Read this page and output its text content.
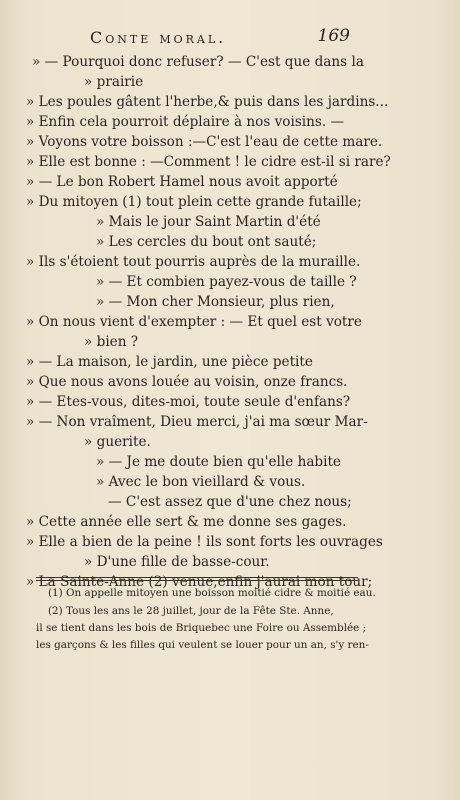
Conte moral.	169
» — Pourquoi donc refuser? — C'est que dans la
» prairie
» Les poules gâtent l'herbe,& puis dans les jardins...
» Enfin cela pourroit déplaire à nos voisins. —
» Voyons votre boisson :—C'est l'eau de cette mare.
» Elle est bonne : —Comment ! le cidre est-il si rare?
» — Le bon Robert Hamel nous avoit apporté
» Du mitoyen (1) tout plein cette grande futaille;
» Mais le jour Saint Martin d'été
» Les cercles du bout ont sauté;
» Ils s'étoient tout pourris auprès de la muraille.
» — Et combien payez-vous de taille ?
» — Mon cher Monsieur, plus rien,
» On nous vient d'exempter : — Et quel est votre
» bien ?
» — La maison, le jardin, une pièce petite
» Que nous avons louée au voisin, onze francs.
» — Etes-vous, dites-moi, toute seule d'enfans?
» — Non vraîment, Dieu merci, j'ai ma sœur Mar-
» guerite.
» — Je me doute bien qu'elle habite
» Avec le bon vieillard & vous.
— C'est assez que d'une chez nous;
» Cette année elle sert & me donne ses gages.
» Elle a bien de la peine ! ils sont forts les ouvrages
» D'une fille de basse-cour.
» La Sainte-Anne (2) venue,enfin j'aurai mon tour;
(1) On appelle mitoyen une boisson moitié cidre & moitié eau.
(2) Tous les ans le 28 juillet, jour de la Fête Ste. Anne,
il se tient dans les bois de Briquebec une Foire ou Assemblée ;
les garçons & les filles qui veulent se louer pour un an, s'y ren-
